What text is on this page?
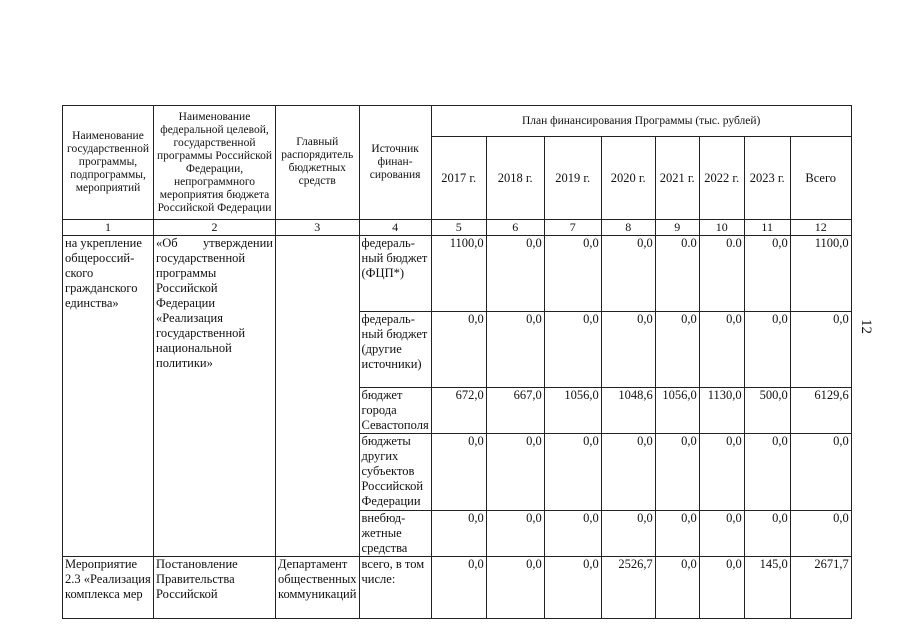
Наименование государственной программы, подпрограммы, мероприятий	Наименование федеральной целевой, государственной программы Российской Федерации, непрограммного мероприятия бюджета Российской Федерации	Главный распорядитель бюджетных средств	Источник финан-сирования	План финансирования Программы (тыс. рублей)							
				2017 г.	2018 г.	2019 г.	2020 г.	2021 г.	2022 г.	2023 г.	Всего
1	2	3	4	5	6	7	8	9	10	11	12
на укрепление общероссий-ского гражданского единства»	«Об утверждении государственной программы Российской Федерации «Реализация государственной национальной политики»		федераль-ный бюджет (ФЦП*)	1100,0	0,0	0,0	0,0	0.0	0.0	0,0	1100,0
			федераль-ный бюджет (другие источники)	0,0	0,0	0,0	0,0	0,0	0,0	0,0	0,0
			бюджет города Севастополя	672,0	667,0	1056,0	1048,6	1056,0	1130,0	500,0	6129,6
			бюджеты других субъектов Российской Федерации	0,0	0,0	0,0	0,0	0,0	0,0	0,0	0,0
			внебюд-жетные средства	0,0	0,0	0,0	0,0	0,0	0,0	0,0	0,0
Мероприятие 2.3 «Реализация комплекса мер	Постановление Правительства Российской	Департамент общественных коммуникаций	всего, в том числе:	0,0	0,0	0,0	2526,7	0,0	0,0	145,0	2671,7
12
